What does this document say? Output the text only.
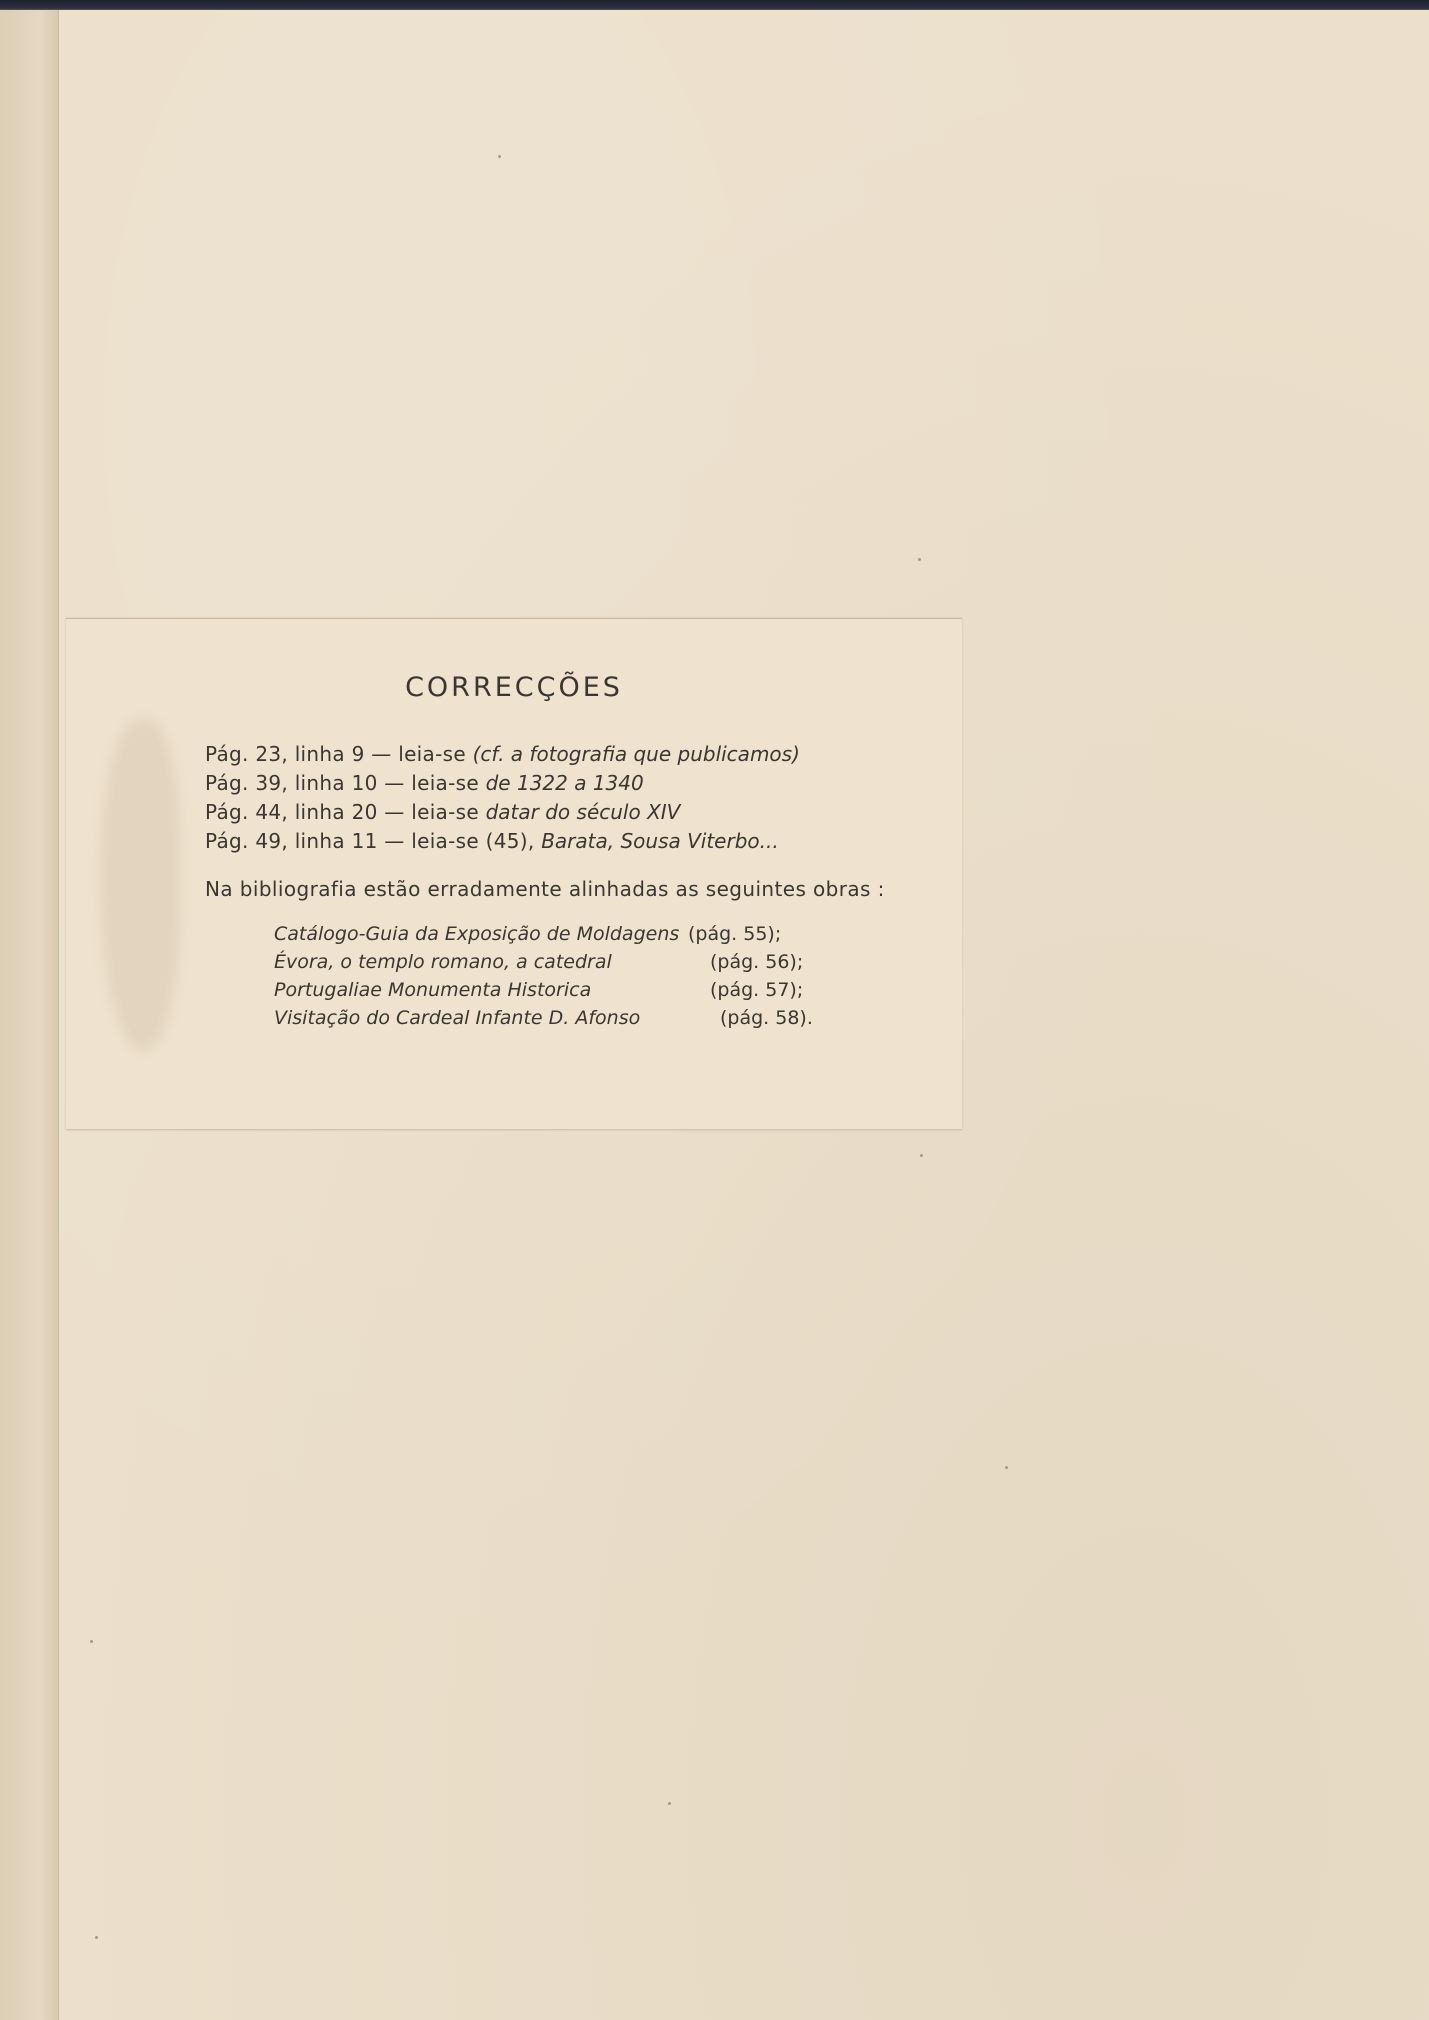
CORRECÇÕES
Pág. 23, linha 9 — leia-se (cf. a fotografia que publicamos)
Pág. 39, linha 10 — leia-se de 1322 a 1340
Pág. 44, linha 20 — leia-se datar do século XIV
Pág. 49, linha 11 — leia-se (45), Barata, Sousa Viterbo...
Na bibliografia estão erradamente alinhadas as seguintes obras :
Catálogo-Guia da Exposição de Moldagens (pág. 55);
Évora, o templo romano, a catedral	(pág. 56);
Portugaliae Monumenta Historica	(pág. 57);
Visitação do Cardeal Infante D. Afonso	(pág. 58).
